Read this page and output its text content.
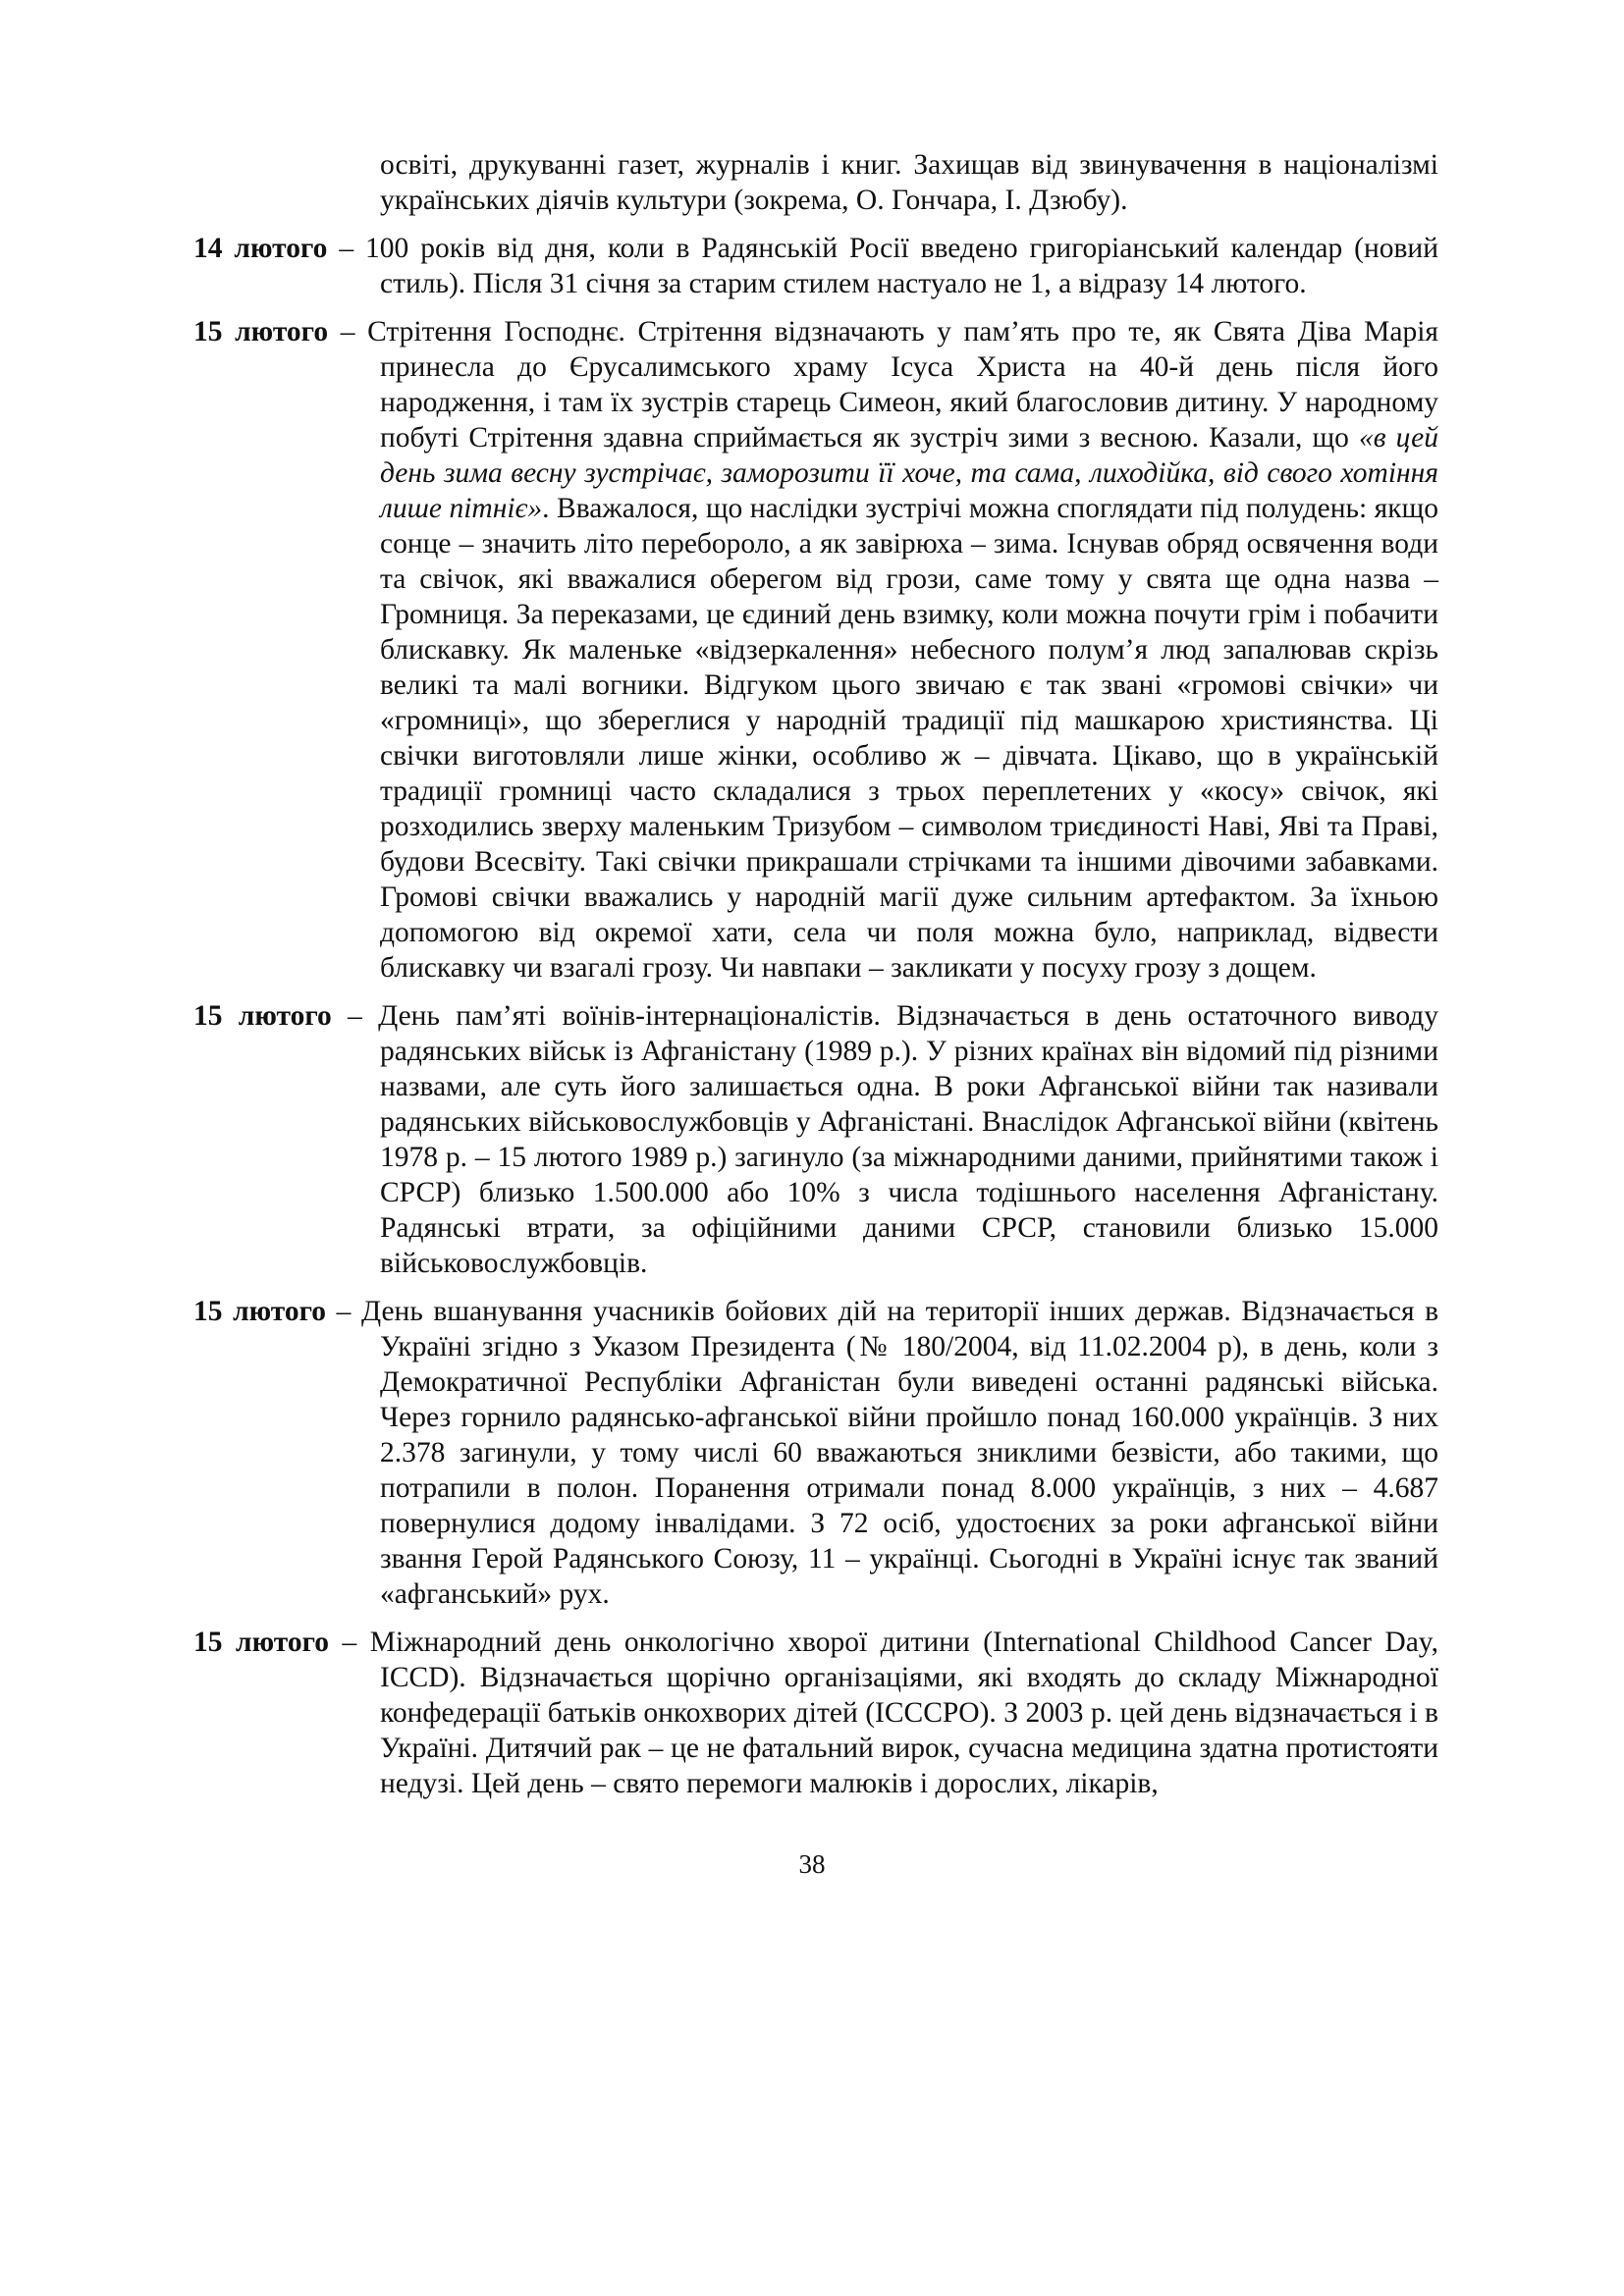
освіті, друкуванні газет, журналів і книг. Захищав від звинувачення в націоналізмі українських діячів культури (зокрема, О. Гончара, І. Дзюбу).

14 лютого – 100 років від дня, коли в Радянській Росії введено григоріанський календар (новий стиль). Після 31 січня за старим стилем настуало не 1, а відразу 14 лютого.

15 лютого – Стрітення Господнє. Стрітення відзначають у пам’ять про те, як Свята Діва Марія принесла до Єрусалимського храму Ісуса Христа на 40-й день після його народження, і там їх зустрів старець Симеон, який благословив дитину. У народному побуті Стрітення здавна сприймається як зустріч зими з весною. Казали, що «в цей день зима весну зустрічає, заморозити її хоче, та сама, лиходійка, від свого хотіння лише пітніє». Вважалося, що наслідки зустрічі можна споглядати під полудень: якщо сонце – значить літо перебороло, а як завірюха – зима. Існував обряд освячення води та свічок, які вважалися оберегом від грози, саме тому у свята ще одна назва – Громниця. За переказами, це єдиний день взимку, коли можна почути грім і побачити блискавку. Як маленьке «відзеркалення» небесного полум’я люд запалював скрізь великі та малі вогники. Відгуком цього звичаю є так звані «громові свічки» чи «громниці», що збереглися у народній традиції під машкарою християнства. Ці свічки виготовляли лише жінки, особливо ж – дівчата. Цікаво, що в українській традиції громниці часто складалися з трьох переплетених у «косу» свічок, які розходились зверху маленьким Тризубом – символом триєдиності Наві, Яві та Праві, будови Всесвіту. Такі свічки прикрашали стрічками та іншими дівочими забавками. Громові свічки вважались у народній магії дуже сильним артефактом. За їхньою допомогою від окремої хати, села чи поля можна було, наприклад, відвести блискавку чи взагалі грозу. Чи навпаки – закликати у посуху грозу з дощем.

15 лютого – День пам’яті воїнів-інтернаціоналістів. Відзначається в день остаточного виводу радянських військ із Афганістану (1989 р.). У різних країнах він відомий під різними назвами, але суть його залишається одна. В роки Афганської війни так називали радянських військовослужбовців у Афганістані. Внаслідок Афганської війни (квітень 1978 р. – 15 лютого 1989 р.) загинуло (за міжнародними даними, прийнятими також і СРСР) близько 1.500.000 або 10% з числа тодішнього населення Афганістану. Радянські втрати, за офіційними даними СРСР, становили близько 15.000 військовослужбовців.

15 лютого – День вшанування учасників бойових дій на території інших держав. Відзначається в Україні згідно з Указом Президента (№ 180/2004, від 11.02.2004 р), в день, коли з Демократичної Республіки Афганістан були виведені останні радянські війська. Через горнило радянсько-афганської війни пройшло понад 160.000 українців. З них 2.378 загинули, у тому числі 60 вважаються зниклими безвісти, або такими, що потрапили в полон. Поранення отримали понад 8.000 українців, з них – 4.687 повернулися додому інвалідами. З 72 осіб, удостоєних за роки афганської війни звання Герой Радянського Союзу, 11 – українці. Сьогодні в Україні існує так званий «афганський» рух.

15 лютого – Міжнародний день онкологічно хворої дитини (International Childhood Cancer Day, ICCD). Відзначається щорічно організаціями, які входять до складу Міжнародної конфедерації батьків онкохворих дітей (ICCCPO). З 2003 р. цей день відзначається і в Україні. Дитячий рак – це не фатальний вирок, сучасна медицина здатна протистояти недузі. Цей день – свято перемоги малюків і дорослих, лікарів,

38
